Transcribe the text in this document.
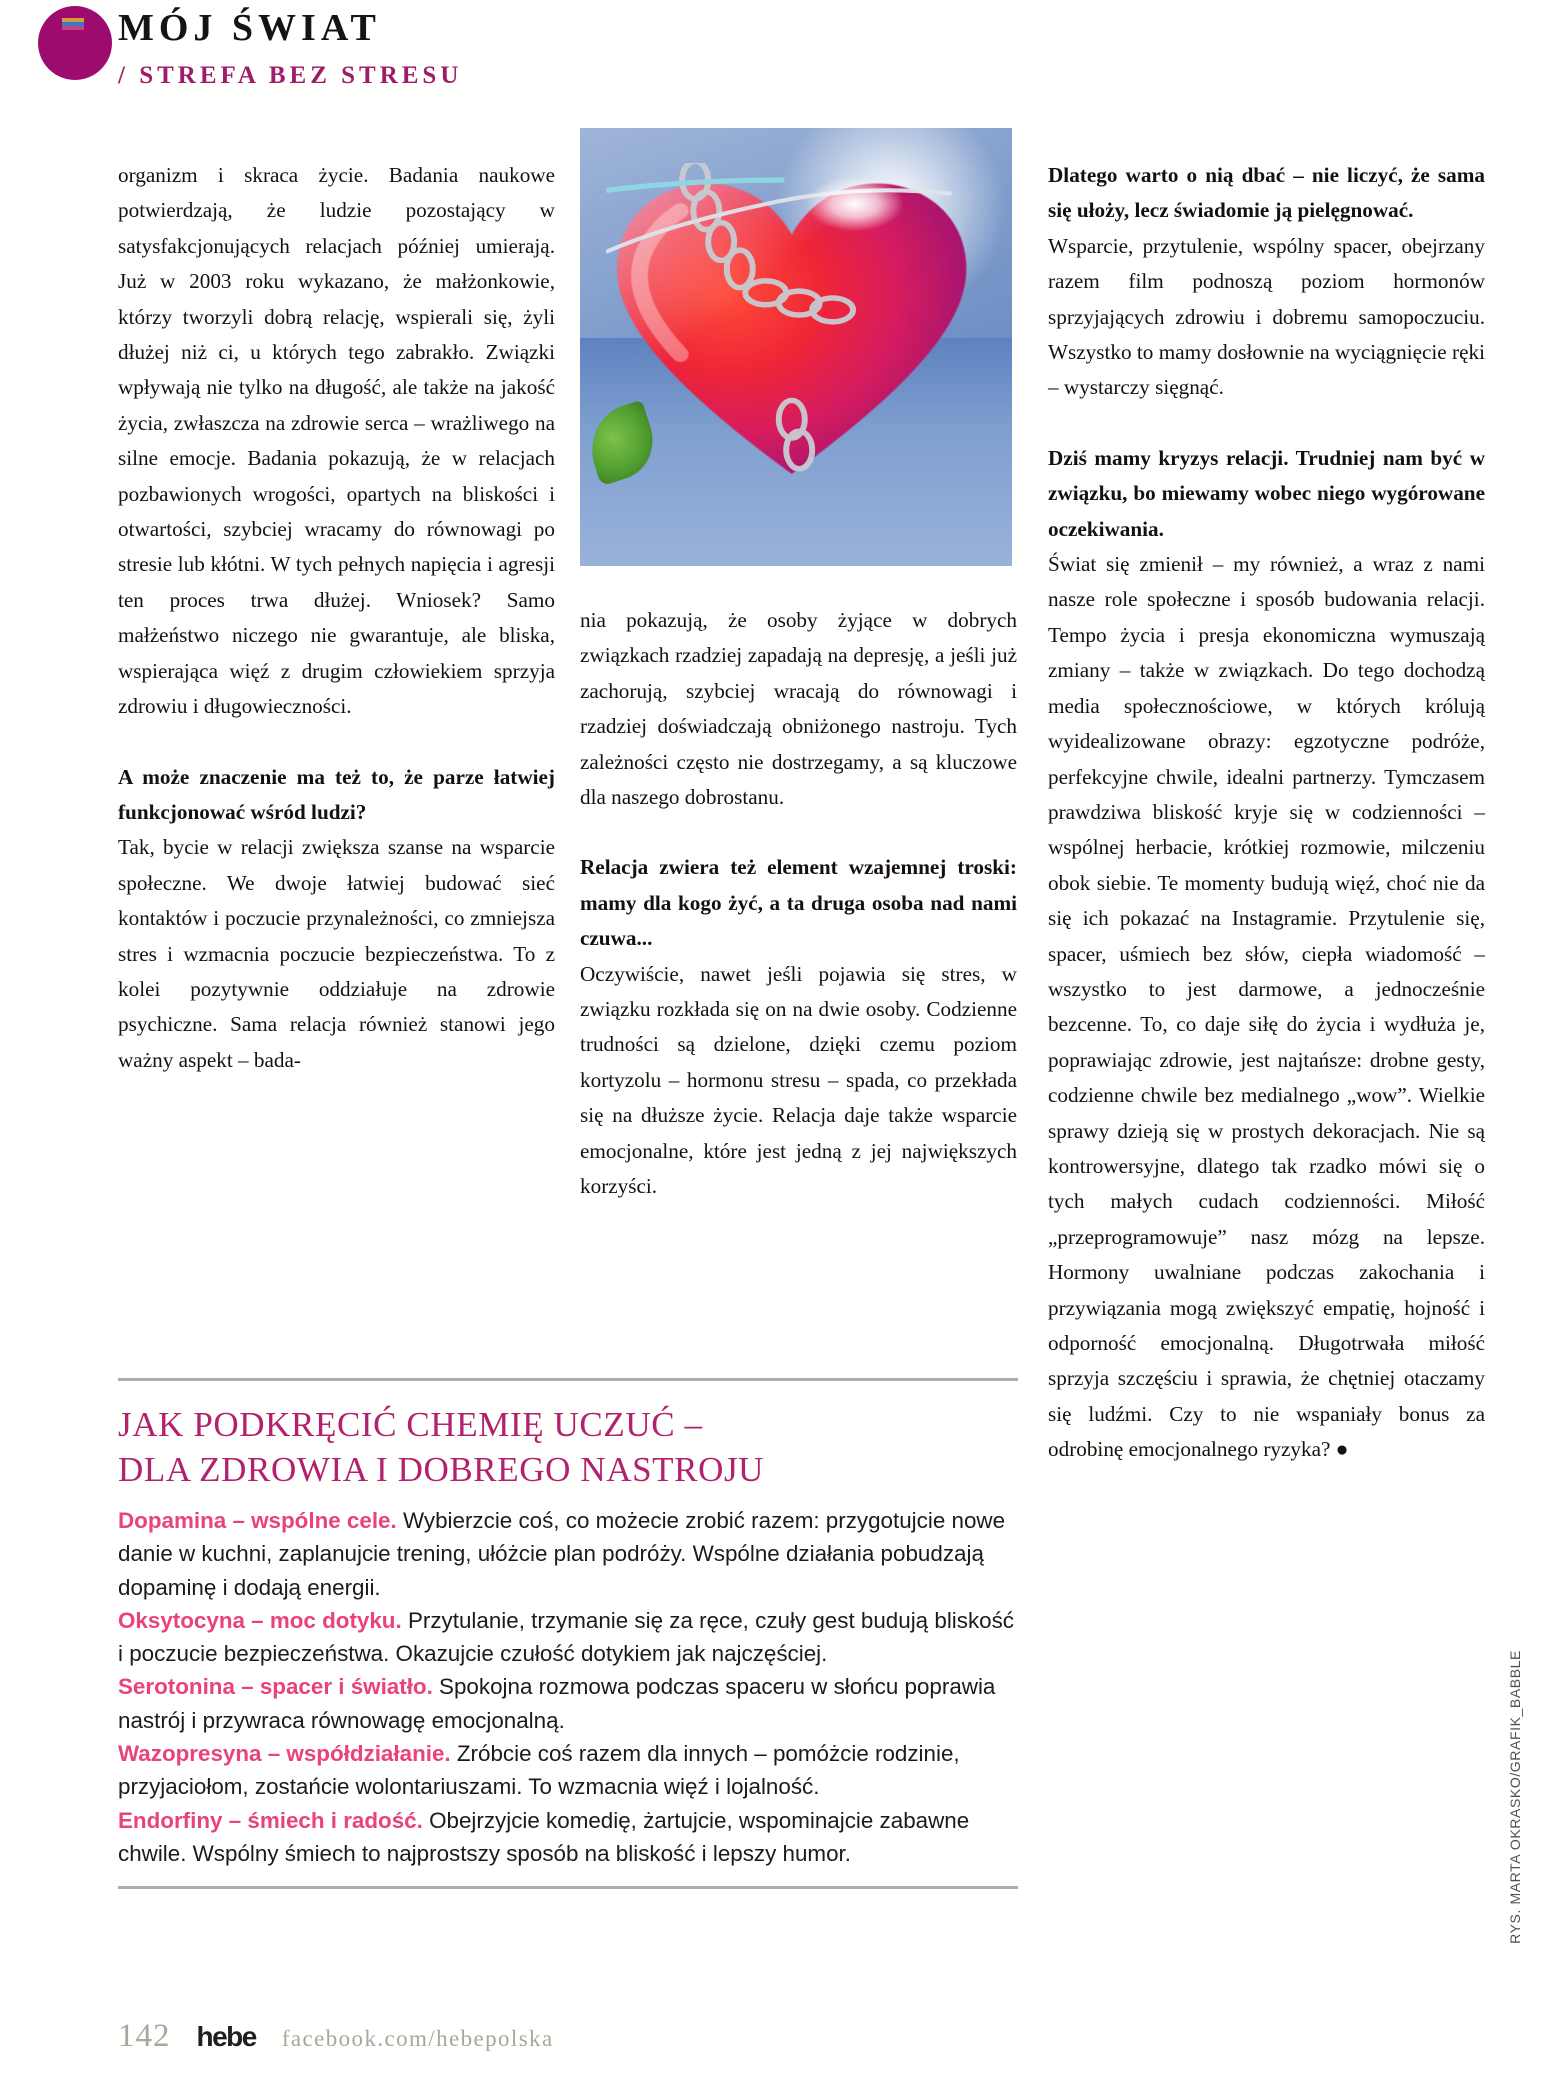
MÓJ ŚWIAT
/ STREFA BEZ STRESU

organizm i skraca życie. Badania naukowe potwierdzają, że ludzie pozostający w satysfakcjonujących relacjach później umierają. Już w 2003 roku wykazano, że małżonkowie, którzy tworzyli dobrą relację, wspierali się, żyli dłużej niż ci, u których tego zabrakło. Związki wpływają nie tylko na długość, ale także na jakość życia, zwłaszcza na zdrowie serca – wrażliwego na silne emocje. Badania pokazują, że w relacjach pozbawionych wrogości, opartych na bliskości i otwartości, szybciej wracamy do równowagi po stresie lub kłótni. W tych pełnych napięcia i agresji ten proces trwa dłużej. Wniosek? Samo małżeństwo niczego nie gwarantuje, ale bliska, wspierająca więź z drugim człowiekiem sprzyja zdrowiu i długowieczności.

A może znaczenie ma też to, że parze łatwiej funkcjonować wśród ludzi?

Tak, bycie w relacji zwiększa szanse na wsparcie społeczne. We dwoje łatwiej budować sieć kontaktów i poczucie przynależności, co zmniejsza stres i wzmacnia poczucie bezpieczeństwa. To z kolei pozytywnie oddziałuje na zdrowie psychiczne. Sama relacja również stanowi jego ważny aspekt – bada-

nia pokazują, że osoby żyjące w dobrych związkach rzadziej zapadają na depresję, a jeśli już zachorują, szybciej wracają do równowagi i rzadziej doświadczają obniżonego nastroju. Tych zależności często nie dostrzegamy, a są kluczowe dla naszego dobrostanu.

Relacja zwiera też element wzajemnej troski: mamy dla kogo żyć, a ta druga osoba nad nami czuwa...

Oczywiście, nawet jeśli pojawia się stres, w związku rozkłada się on na dwie osoby. Codzienne trudności są dzielone, dzięki czemu poziom kortyzolu – hormonu stresu – spada, co przekłada się na dłuższe życie. Relacja daje także wsparcie emocjonalne, które jest jedną z jej największych korzyści.

Dlatego warto o nią dbać – nie liczyć, że sama się ułoży, lecz świadomie ją pielęgnować.

Wsparcie, przytulenie, wspólny spacer, obejrzany razem film podnoszą poziom hormonów sprzyjających zdrowiu i dobremu samopoczuciu. Wszystko to mamy dosłownie na wyciągnięcie ręki – wystarczy sięgnąć.

Dziś mamy kryzys relacji. Trudniej nam być w związku, bo miewamy wobec niego wygórowane oczekiwania.

Świat się zmienił – my również, a wraz z nami nasze role społeczne i sposób budowania relacji. Tempo życia i presja ekonomiczna wymuszają zmiany – także w związkach. Do tego dochodzą media społecznościowe, w których królują wyidealizowane obrazy: egzotyczne podróże, perfekcyjne chwile, idealni partnerzy. Tymczasem prawdziwa bliskość kryje się w codzienności – wspólnej herbacie, krótkiej rozmowie, milczeniu obok siebie. Te momenty budują więź, choć nie da się ich pokazać na Instagramie. Przytulenie się, spacer, uśmiech bez słów, ciepła wiadomość – wszystko to jest darmowe, a jednocześnie bezcenne. To, co daje siłę do życia i wydłuża je, poprawiając zdrowie, jest najtańsze: drobne gesty, codzienne chwile bez medialnego „wow”. Wielkie sprawy dzieją się w prostych dekoracjach. Nie są kontrowersyjne, dlatego tak rzadko mówi się o tych małych cudach codzienności. Miłość „przeprogramowuje” nasz mózg na lepsze. Hormony uwalniane podczas zakochania i przywiązania mogą zwiększyć empatię, hojność i odporność emocjonalną. Długotrwała miłość sprzyja szczęściu i sprawia, że chętniej otaczamy się ludźmi. Czy to nie wspaniały bonus za odrobinę emocjonalnego ryzyka? ●

JAK PODKRĘCIĆ CHEMIĘ UCZUĆ –
DLA ZDROWIA I DOBREGO NASTROJU

Dopamina – wspólne cele. Wybierzcie coś, co możecie zrobić razem: przygotujcie nowe danie w kuchni, zaplanujcie trening, ułóżcie plan podróży. Wspólne działania pobudzają dopaminę i dodają energii.

Oksytocyna – moc dotyku. Przytulanie, trzymanie się za ręce, czuły gest budują bliskość i poczucie bezpieczeństwa. Okazujcie czułość dotykiem jak najczęściej.

Serotonina – spacer i światło. Spokojna rozmowa podczas spaceru w słońcu poprawia nastrój i przywraca równowagę emocjonalną.

Wazopresyna – współdziałanie. Zróbcie coś razem dla innych – pomóżcie rodzinie, przyjaciołom, zostańcie wolontariuszami. To wzmacnia więź i lojalność.

Endorfiny – śmiech i radość. Obejrzyjcie komedię, żartujcie, wspominajcie zabawne chwile. Wspólny śmiech to najprostszy sposób na bliskość i lepszy humor.	RYS. MARTA OKRASKO/GRAFIK_BABBLE
142 hebe facebook.com/hebepolska
